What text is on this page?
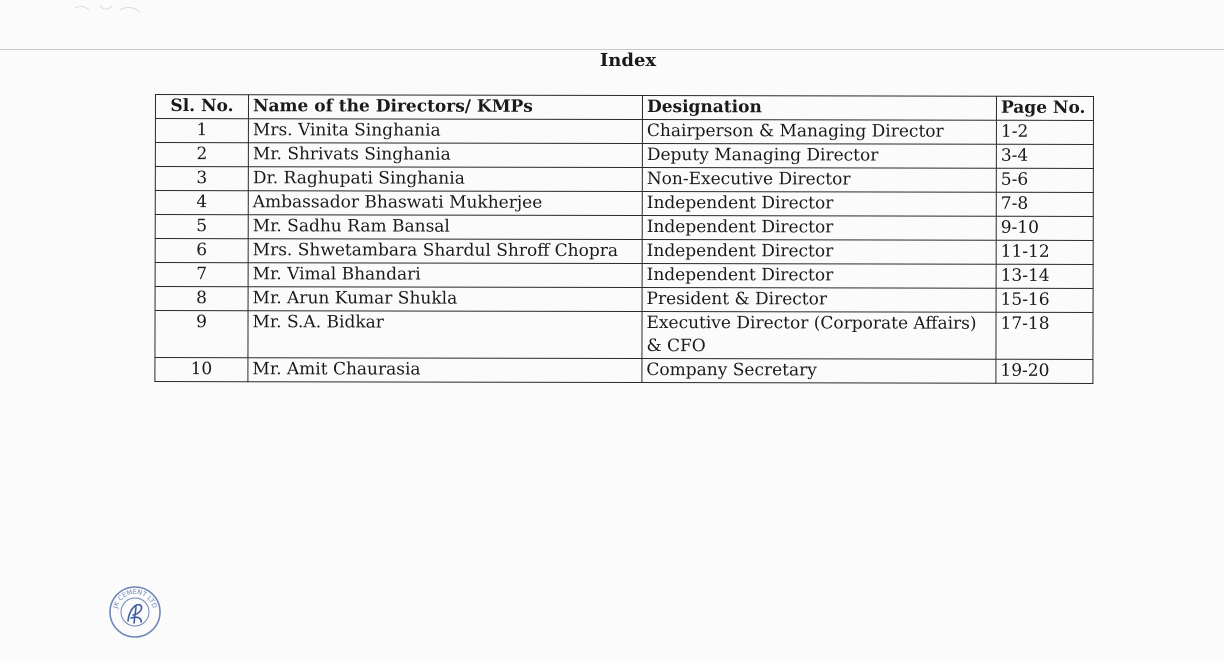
Index
Sl. No.	Name of the Directors/ KMPs	Designation	Page No.
1	Mrs. Vinita Singhania	Chairperson & Managing Director	1-2
2	Mr. Shrivats Singhania	Deputy Managing Director	3-4
3	Dr. Raghupati Singhania	Non-Executive Director	5-6
4	Ambassador Bhaswati Mukherjee	Independent Director	7-8
5	Mr. Sadhu Ram Bansal	Independent Director	9-10
6	Mrs. Shwetambara Shardul Shroff Chopra	Independent Director	11-12
7	Mr. Vimal Bhandari	Independent Director	13-14
8	Mr. Arun Kumar Shukla	President & Director	15-16
9	Mr. S.A. Bidkar	Executive Director (Corporate Affairs) & CFO	17-18
10	Mr. Amit Chaurasia	Company Secretary	19-20
JK CEMENT LTD
